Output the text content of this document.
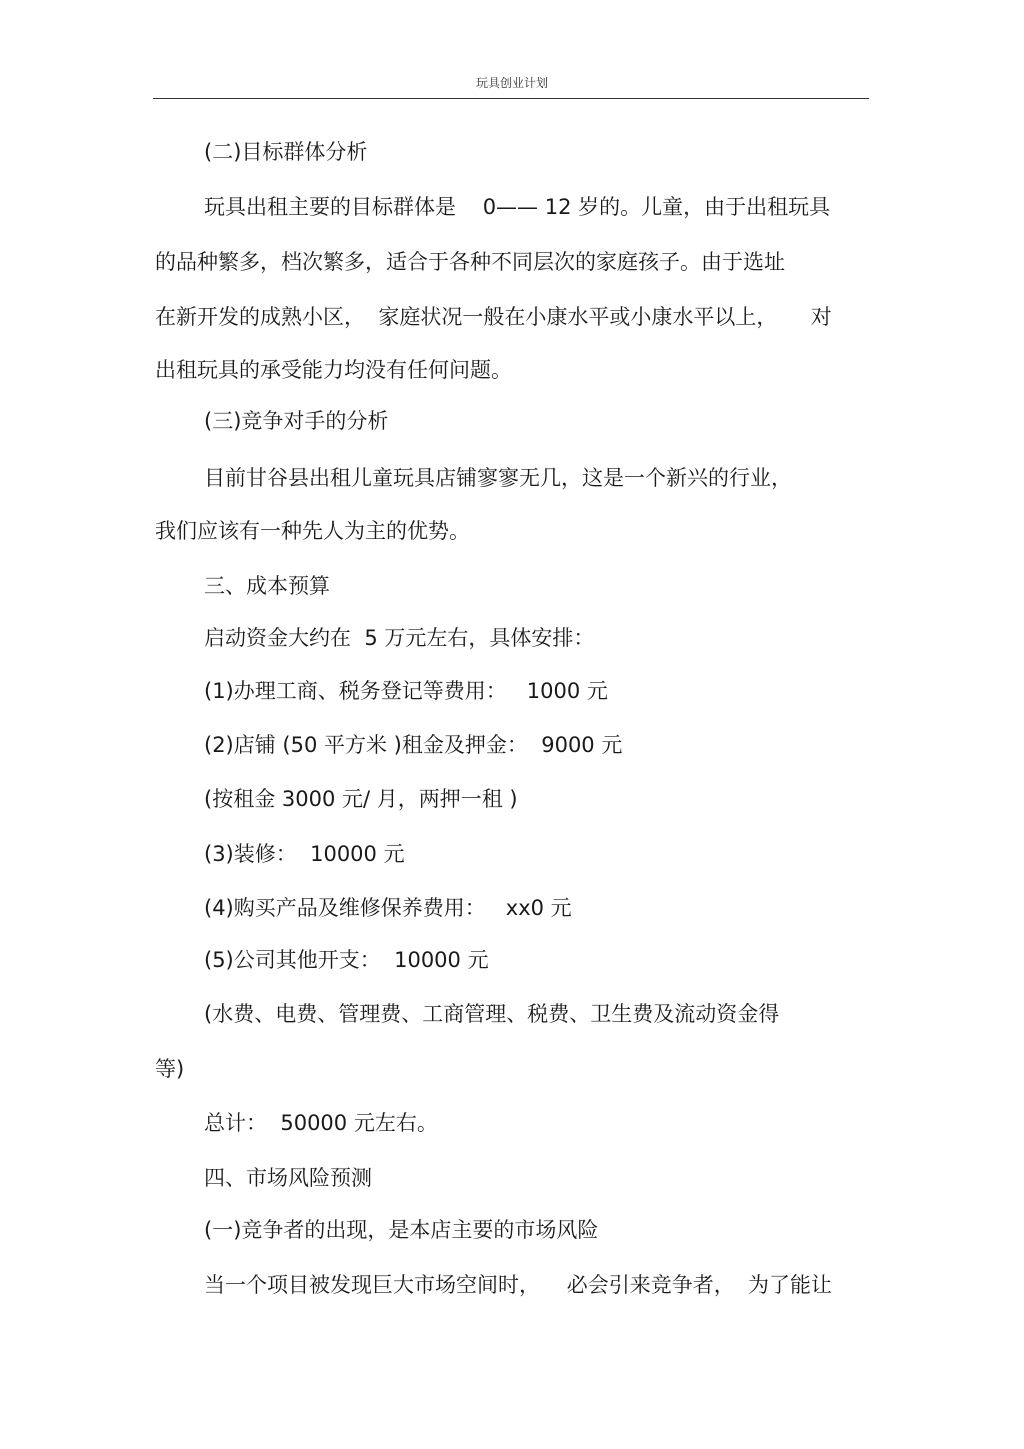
玩具创业计划
(二)目标群体分析
玩具出租主要的目标群体是    0—— 12 岁的。儿童，由于出租玩具
的品种繁多，档次繁多，适合于各种不同层次的家庭孩子。由于选址
在新开发的成熟小区，  家庭状况一般在小康水平或小康水平以上，     对
出租玩具的承受能力均没有任何问题。
(三)竞争对手的分析
目前甘谷县出租儿童玩具店铺寥寥无几，这是一个新兴的行业，
我们应该有一种先人为主的优势。
三、成本预算
启动资金大约在  5 万元左右，具体安排：
(1)办理工商、税务登记等费用：   1000 元
(2)店铺 (50 平方米 )租金及押金：  9000 元
(按租金 3000 元/ 月，两押一租 )
(3)装修：  10000 元
(4)购买产品及维修保养费用：   xx0 元
(5)公司其他开支：  10000 元
(水费、电费、管理费、工商管理、税费、卫生费及流动资金得
等)
总计：  50000 元左右。
四、市场风险预测
(一)竞争者的出现，是本店主要的市场风险
当一个项目被发现巨大市场空间时，    必会引来竞争者，  为了能让
